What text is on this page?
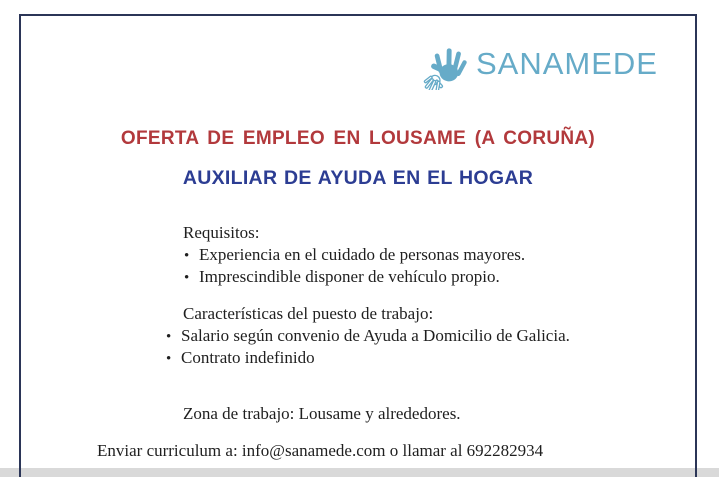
SANAMEDE
OFERTA DE EMPLEO EN LOUSAME (A CORUÑA)
AUXILIAR DE AYUDA EN EL HOGAR
Requisitos:
• Experiencia en el cuidado de personas mayores.
• Imprescindible disponer de vehículo propio.
Características del puesto de trabajo:
• Salario según convenio de Ayuda a Domicilio de Galicia.
• Contrato indefinido
Zona de trabajo: Lousame y alrededores.
Enviar curriculum a: info@sanamede.com o llamar al 692282934
